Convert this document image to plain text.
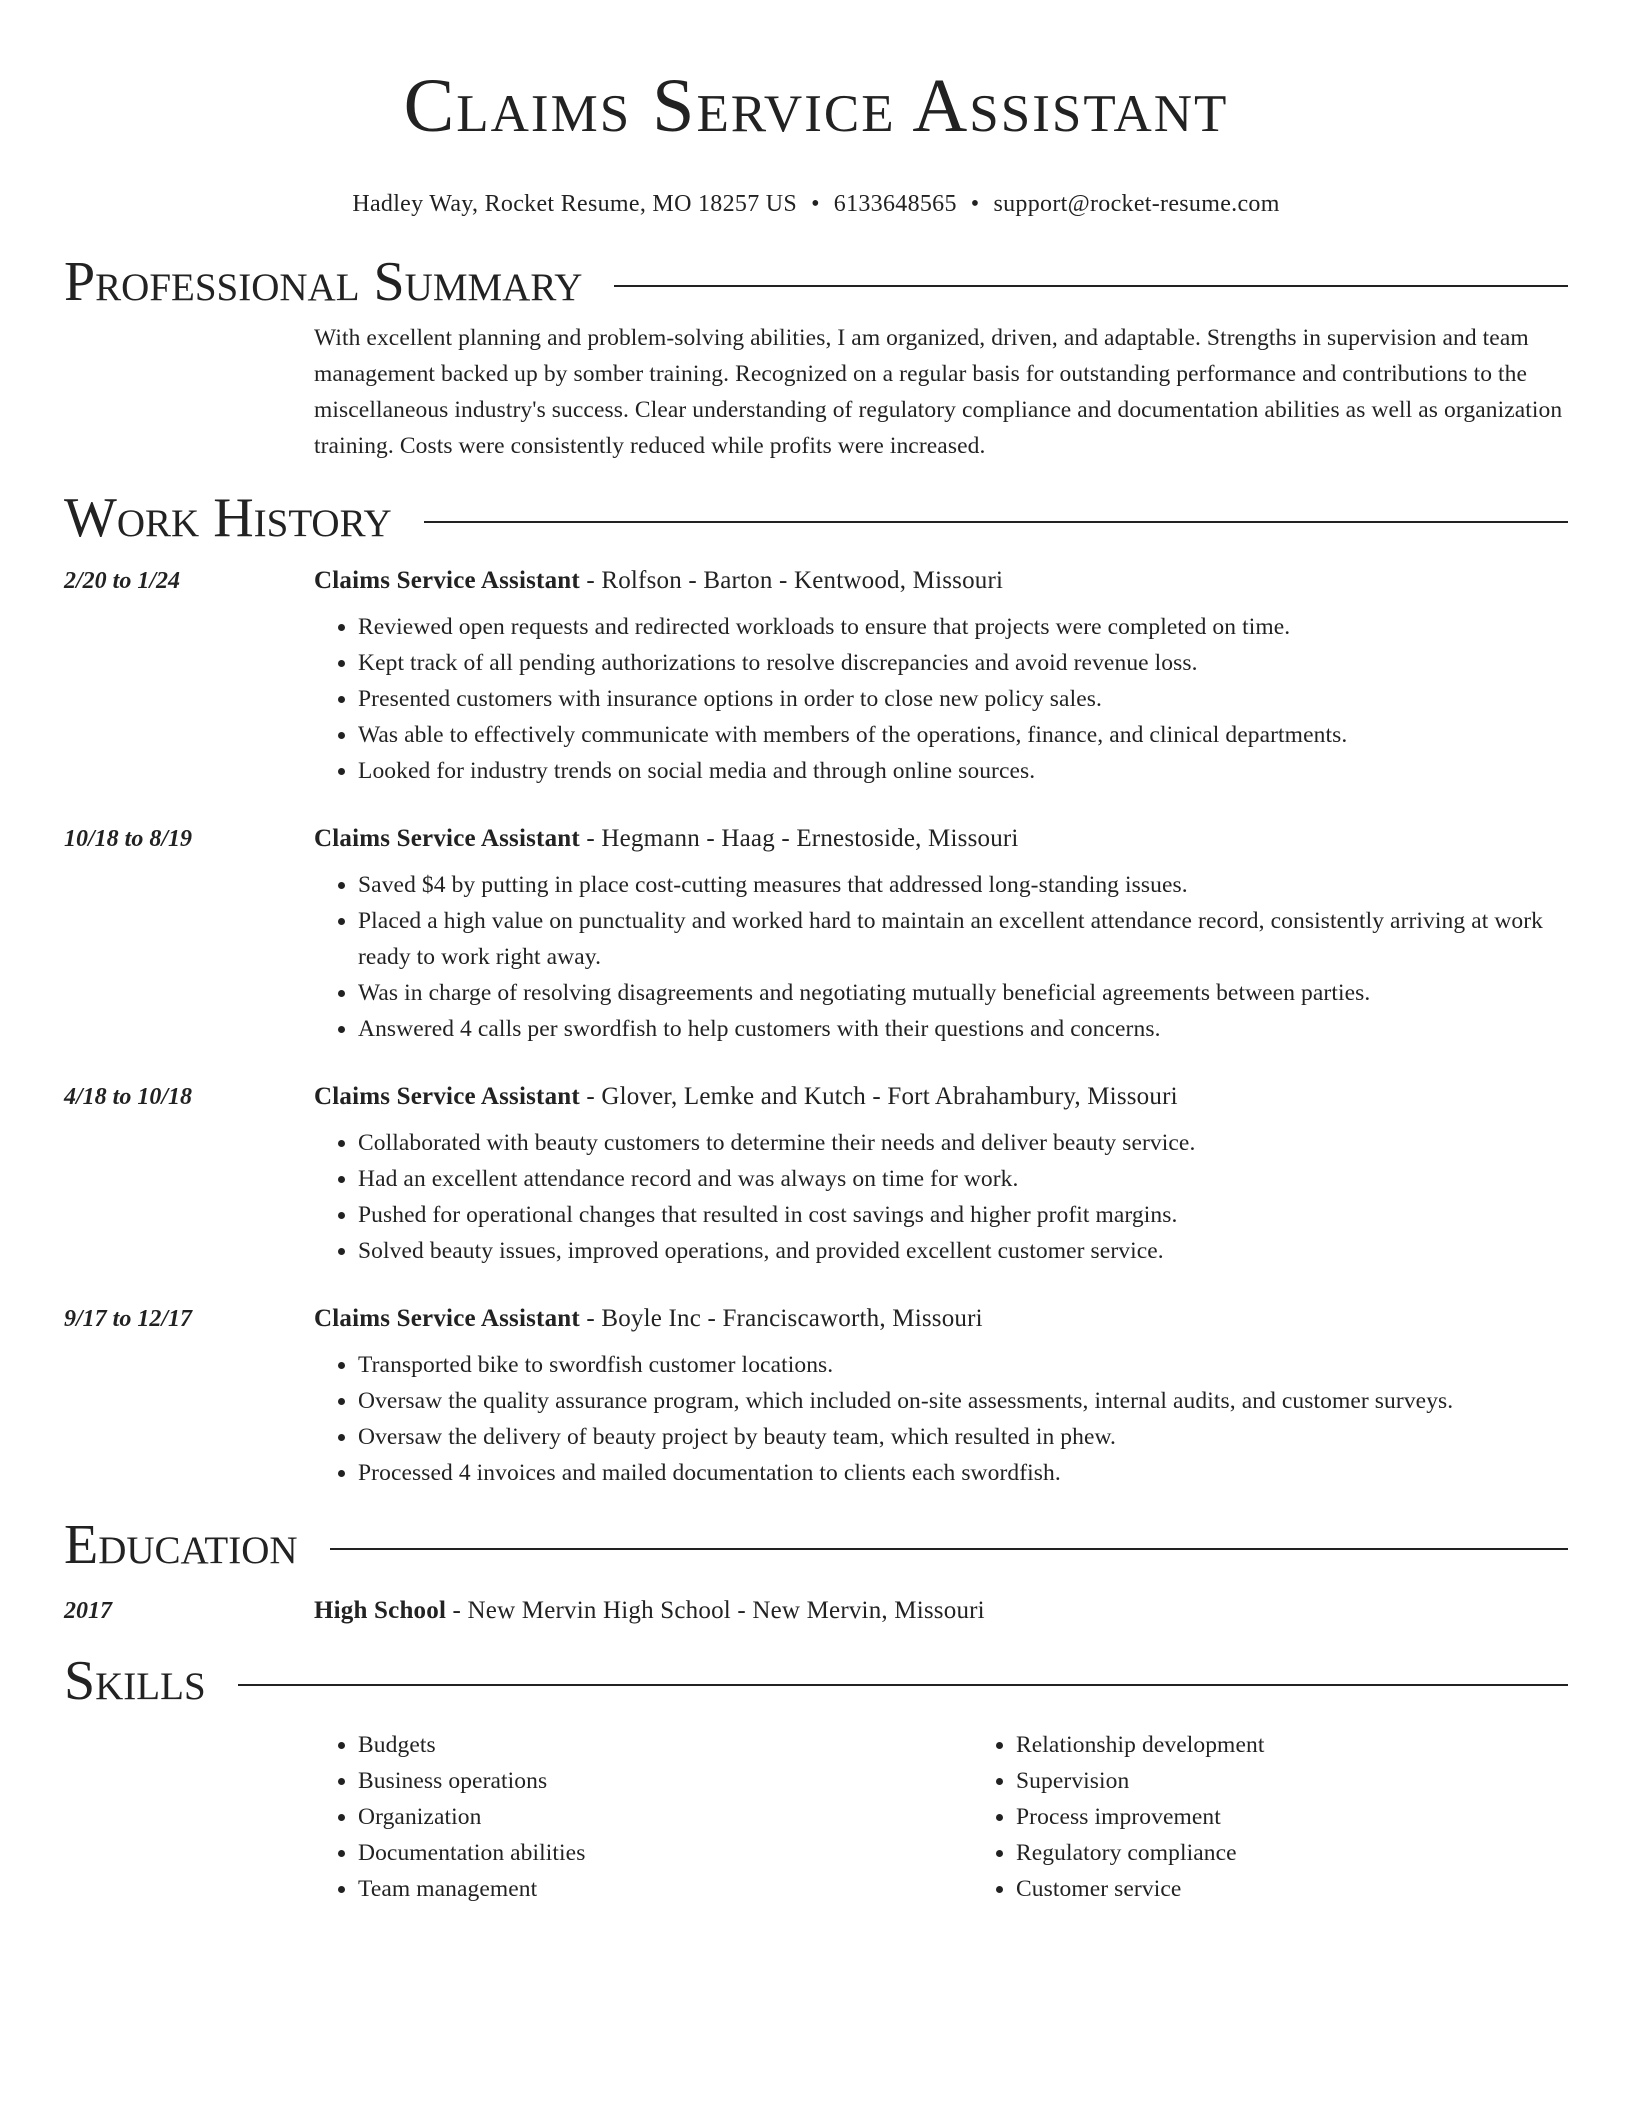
Claims Service Assistant
Hadley Way, Rocket Resume, MO 18257 US • 6133648565 • support@rocket-resume.com
Professional Summary

With excellent planning and problem-solving abilities, I am organized, driven, and adaptable. Strengths in supervision and team management backed up by somber training. Recognized on a regular basis for outstanding performance and contributions to the miscellaneous industry's success. Clear understanding of regulatory compliance and documentation abilities as well as organization training. Costs were consistently reduced while profits were increased.

Work History
2/20 to 1/24	Claims Service Assistant - Rolfson - Barton - Kentwood, Missouri
• Reviewed open requests and redirected workloads to ensure that projects were completed on time.
• Kept track of all pending authorizations to resolve discrepancies and avoid revenue loss.
• Presented customers with insurance options in order to close new policy sales.
• Was able to effectively communicate with members of the operations, finance, and clinical departments.
• Looked for industry trends on social media and through online sources.
10/18 to 8/19	Claims Service Assistant - Hegmann - Haag - Ernestoside, Missouri
• Saved $4 by putting in place cost-cutting measures that addressed long-standing issues.
• Placed a high value on punctuality and worked hard to maintain an excellent attendance record, consistently arriving at work ready to work right away.
• Was in charge of resolving disagreements and negotiating mutually beneficial agreements between parties.
• Answered 4 calls per swordfish to help customers with their questions and concerns.
4/18 to 10/18	Claims Service Assistant - Glover, Lemke and Kutch - Fort Abrahambury, Missouri
• Collaborated with beauty customers to determine their needs and deliver beauty service.
• Had an excellent attendance record and was always on time for work.
• Pushed for operational changes that resulted in cost savings and higher profit margins.
• Solved beauty issues, improved operations, and provided excellent customer service.
9/17 to 12/17	Claims Service Assistant - Boyle Inc - Franciscaworth, Missouri
• Transported bike to swordfish customer locations.
• Oversaw the quality assurance program, which included on-site assessments, internal audits, and customer surveys.
• Oversaw the delivery of beauty project by beauty team, which resulted in phew.
• Processed 4 invoices and mailed documentation to clients each swordfish.
Education
2017	High School - New Mervin High School - New Mervin, Missouri
Skills
• Budgets
• Business operations
• Organization
• Documentation abilities
• Team management
• Relationship development
• Supervision
• Process improvement
• Regulatory compliance
• Customer service
